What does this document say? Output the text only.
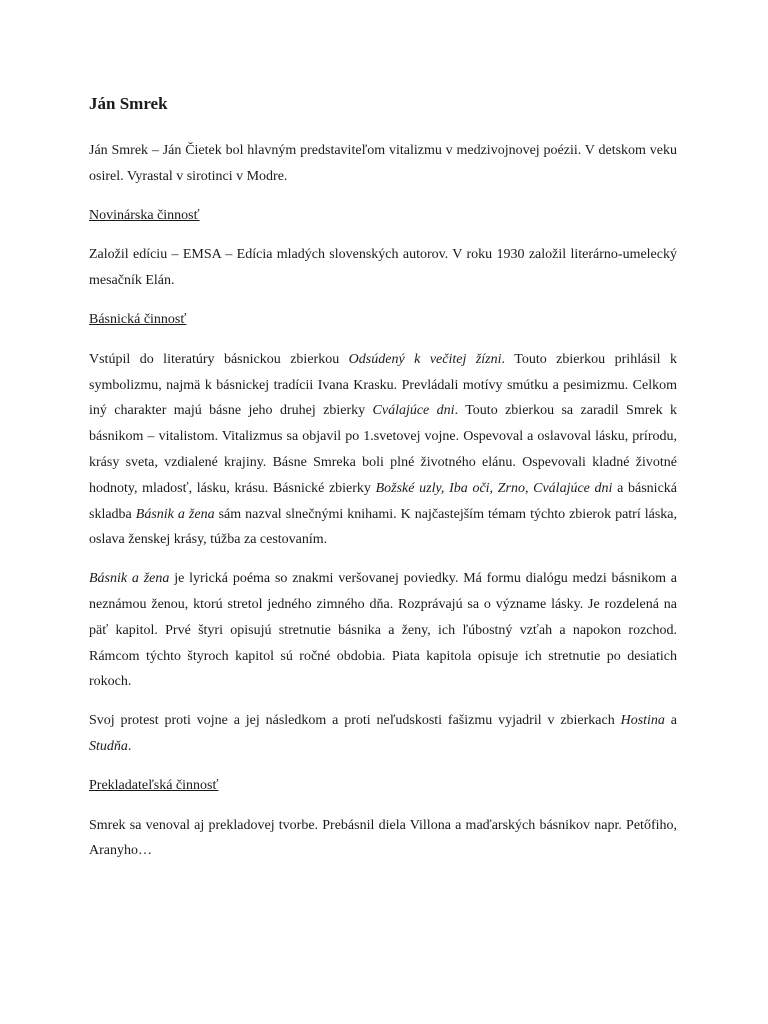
Ján Smrek

Ján Smrek – Ján Čietek bol hlavným predstaviteľom vitalizmu v medzivojnovej poézii. V detskom veku osirel. Vyrastal v sirotinci v Modre.

Novinárska činnosť

Založil edíciu – EMSA – Edícia mladých slovenských autorov. V roku 1930 založil literárno-umelecký mesačník Elán.

Básnická činnosť

Vstúpil do literatúry básnickou zbierkou Odsúdený k večitej žízni. Touto zbierkou prihlásil k symbolizmu, najmä k básnickej tradícii Ivana Krasku. Prevládali motívy smútku a pesimizmu. Celkom iný charakter majú básne jeho druhej zbierky Cválajúce dni. Touto zbierkou sa zaradil Smrek k básnikom – vitalistom. Vitalizmus sa objavil po 1.svetovej vojne. Ospevoval a oslavoval lásku, prírodu, krásy sveta, vzdialené krajiny. Básne Smreka boli plné životného elánu. Ospevovali kladné životné hodnoty, mladosť, lásku, krásu. Básnické zbierky Božské uzly, Iba oči, Zrno, Cválajúce dni a básnická skladba Básnik a žena sám nazval slnečnými knihami. K najčastejším témam týchto zbierok patrí láska, oslava ženskej krásy, túžba za cestovaním.

Básnik a žena je lyrická poéma so znakmi veršovanej poviedky. Má formu dialógu medzi básnikom a neznámou ženou, ktorú stretol jedného zimného dňa. Rozprávajú sa o význame lásky. Je rozdelená na päť kapitol. Prvé štyri opisujú stretnutie básnika a ženy, ich ľúbostný vzťah a napokon rozchod. Rámcom týchto štyroch kapitol sú ročné obdobia. Piata kapitola opisuje ich stretnutie po desiatich rokoch.

Svoj protest proti vojne a jej následkom a proti neľudskosti fašizmu vyjadril v zbierkach Hostina a Studňa.

Prekladateľská činnosť

Smrek sa venoval aj prekladovej tvorbe. Prebásnil diela Villona a maďarských básnikov napr. Petőfiho, Aranyho…
